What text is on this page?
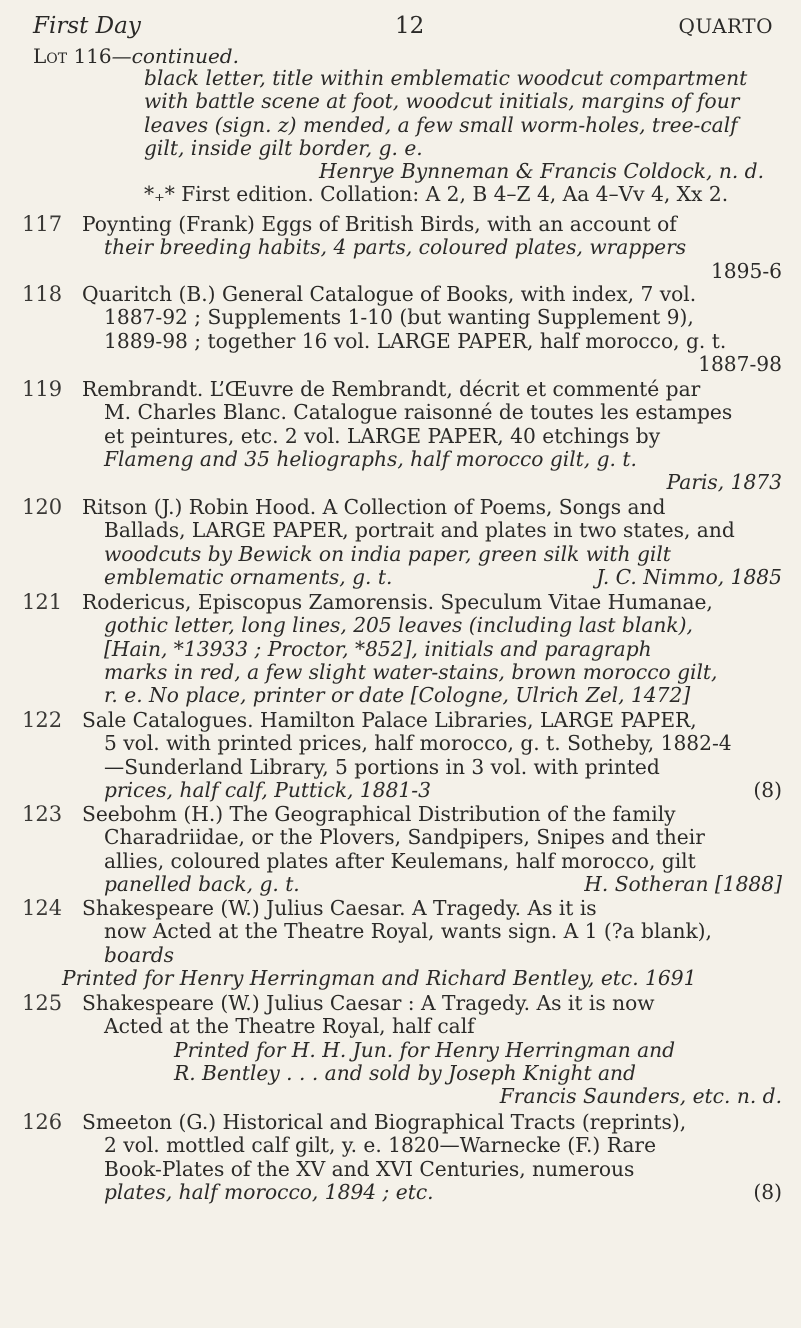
First Day	12	QUARTO
Lot 116—continued.
black letter, title within emblematic woodcut compartment
with battle scene at foot, woodcut initials, margins of four
leaves (sign. z) mended, a few small worm-holes, tree-calf
gilt, inside gilt border, g. e.
Henrye Bynneman & Francis Coldock, n. d.
*₊* First edition. Collation: A 2, B 4–Z 4, Aa 4–Vv 4, Xx 2.
117 Poynting (Frank) Eggs of British Birds, with an account of
their breeding habits, 4 parts, coloured plates, wrappers
1895-6
118 Quaritch (B.) General Catalogue of Books, with index, 7 vol.
1887-92 ; Supplements 1-10 (but wanting Supplement 9),
1889-98 ; together 16 vol. LARGE PAPER, half morocco, g. t.
1887-98
119 Rembrandt. L’Œuvre de Rembrandt, décrit et commenté par
M. Charles Blanc. Catalogue raisonné de toutes les estampes
et peintures, etc. 2 vol. LARGE PAPER, 40 etchings by
Flameng and 35 heliographs, half morocco gilt, g. t.
Paris, 1873
120 Ritson (J.) Robin Hood. A Collection of Poems, Songs and
Ballads, LARGE PAPER, portrait and plates in two states, and
woodcuts by Bewick on india paper, green silk with gilt
emblematic ornaments, g. t.	J. C. Nimmo, 1885
121 Rodericus, Episcopus Zamorensis. Speculum Vitae Humanae,
gothic letter, long lines, 205 leaves (including last blank),
[Hain, *13933 ; Proctor, *852], initials and paragraph
marks in red, a few slight water-stains, brown morocco gilt,
r. e. No place, printer or date [Cologne, Ulrich Zel, 1472]
122 Sale Catalogues. Hamilton Palace Libraries, LARGE PAPER,
5 vol. with printed prices, half morocco, g. t. Sotheby, 1882-4
—Sunderland Library, 5 portions in 3 vol. with printed
prices, half calf, Puttick, 1881-3	(8)
123 Seebohm (H.) The Geographical Distribution of the family
Charadriidae, or the Plovers, Sandpipers, Snipes and their
allies, coloured plates after Keulemans, half morocco, gilt
panelled back, g. t.	H. Sotheran [1888]
124 Shakespeare (W.) Julius Caesar. A Tragedy. As it is
now Acted at the Theatre Royal, wants sign. A 1 (?a blank),
boards
Printed for Henry Herringman and Richard Bentley, etc. 1691
125 Shakespeare (W.) Julius Caesar : A Tragedy. As it is now
Acted at the Theatre Royal, half calf
Printed for H. H. Jun. for Henry Herringman and
R. Bentley . . . and sold by Joseph Knight and
Francis Saunders, etc. n. d.
126 Smeeton (G.) Historical and Biographical Tracts (reprints),
2 vol. mottled calf gilt, y. e. 1820—Warnecke (F.) Rare
Book-Plates of the XV and XVI Centuries, numerous
plates, half morocco, 1894 ; etc.	(8)
